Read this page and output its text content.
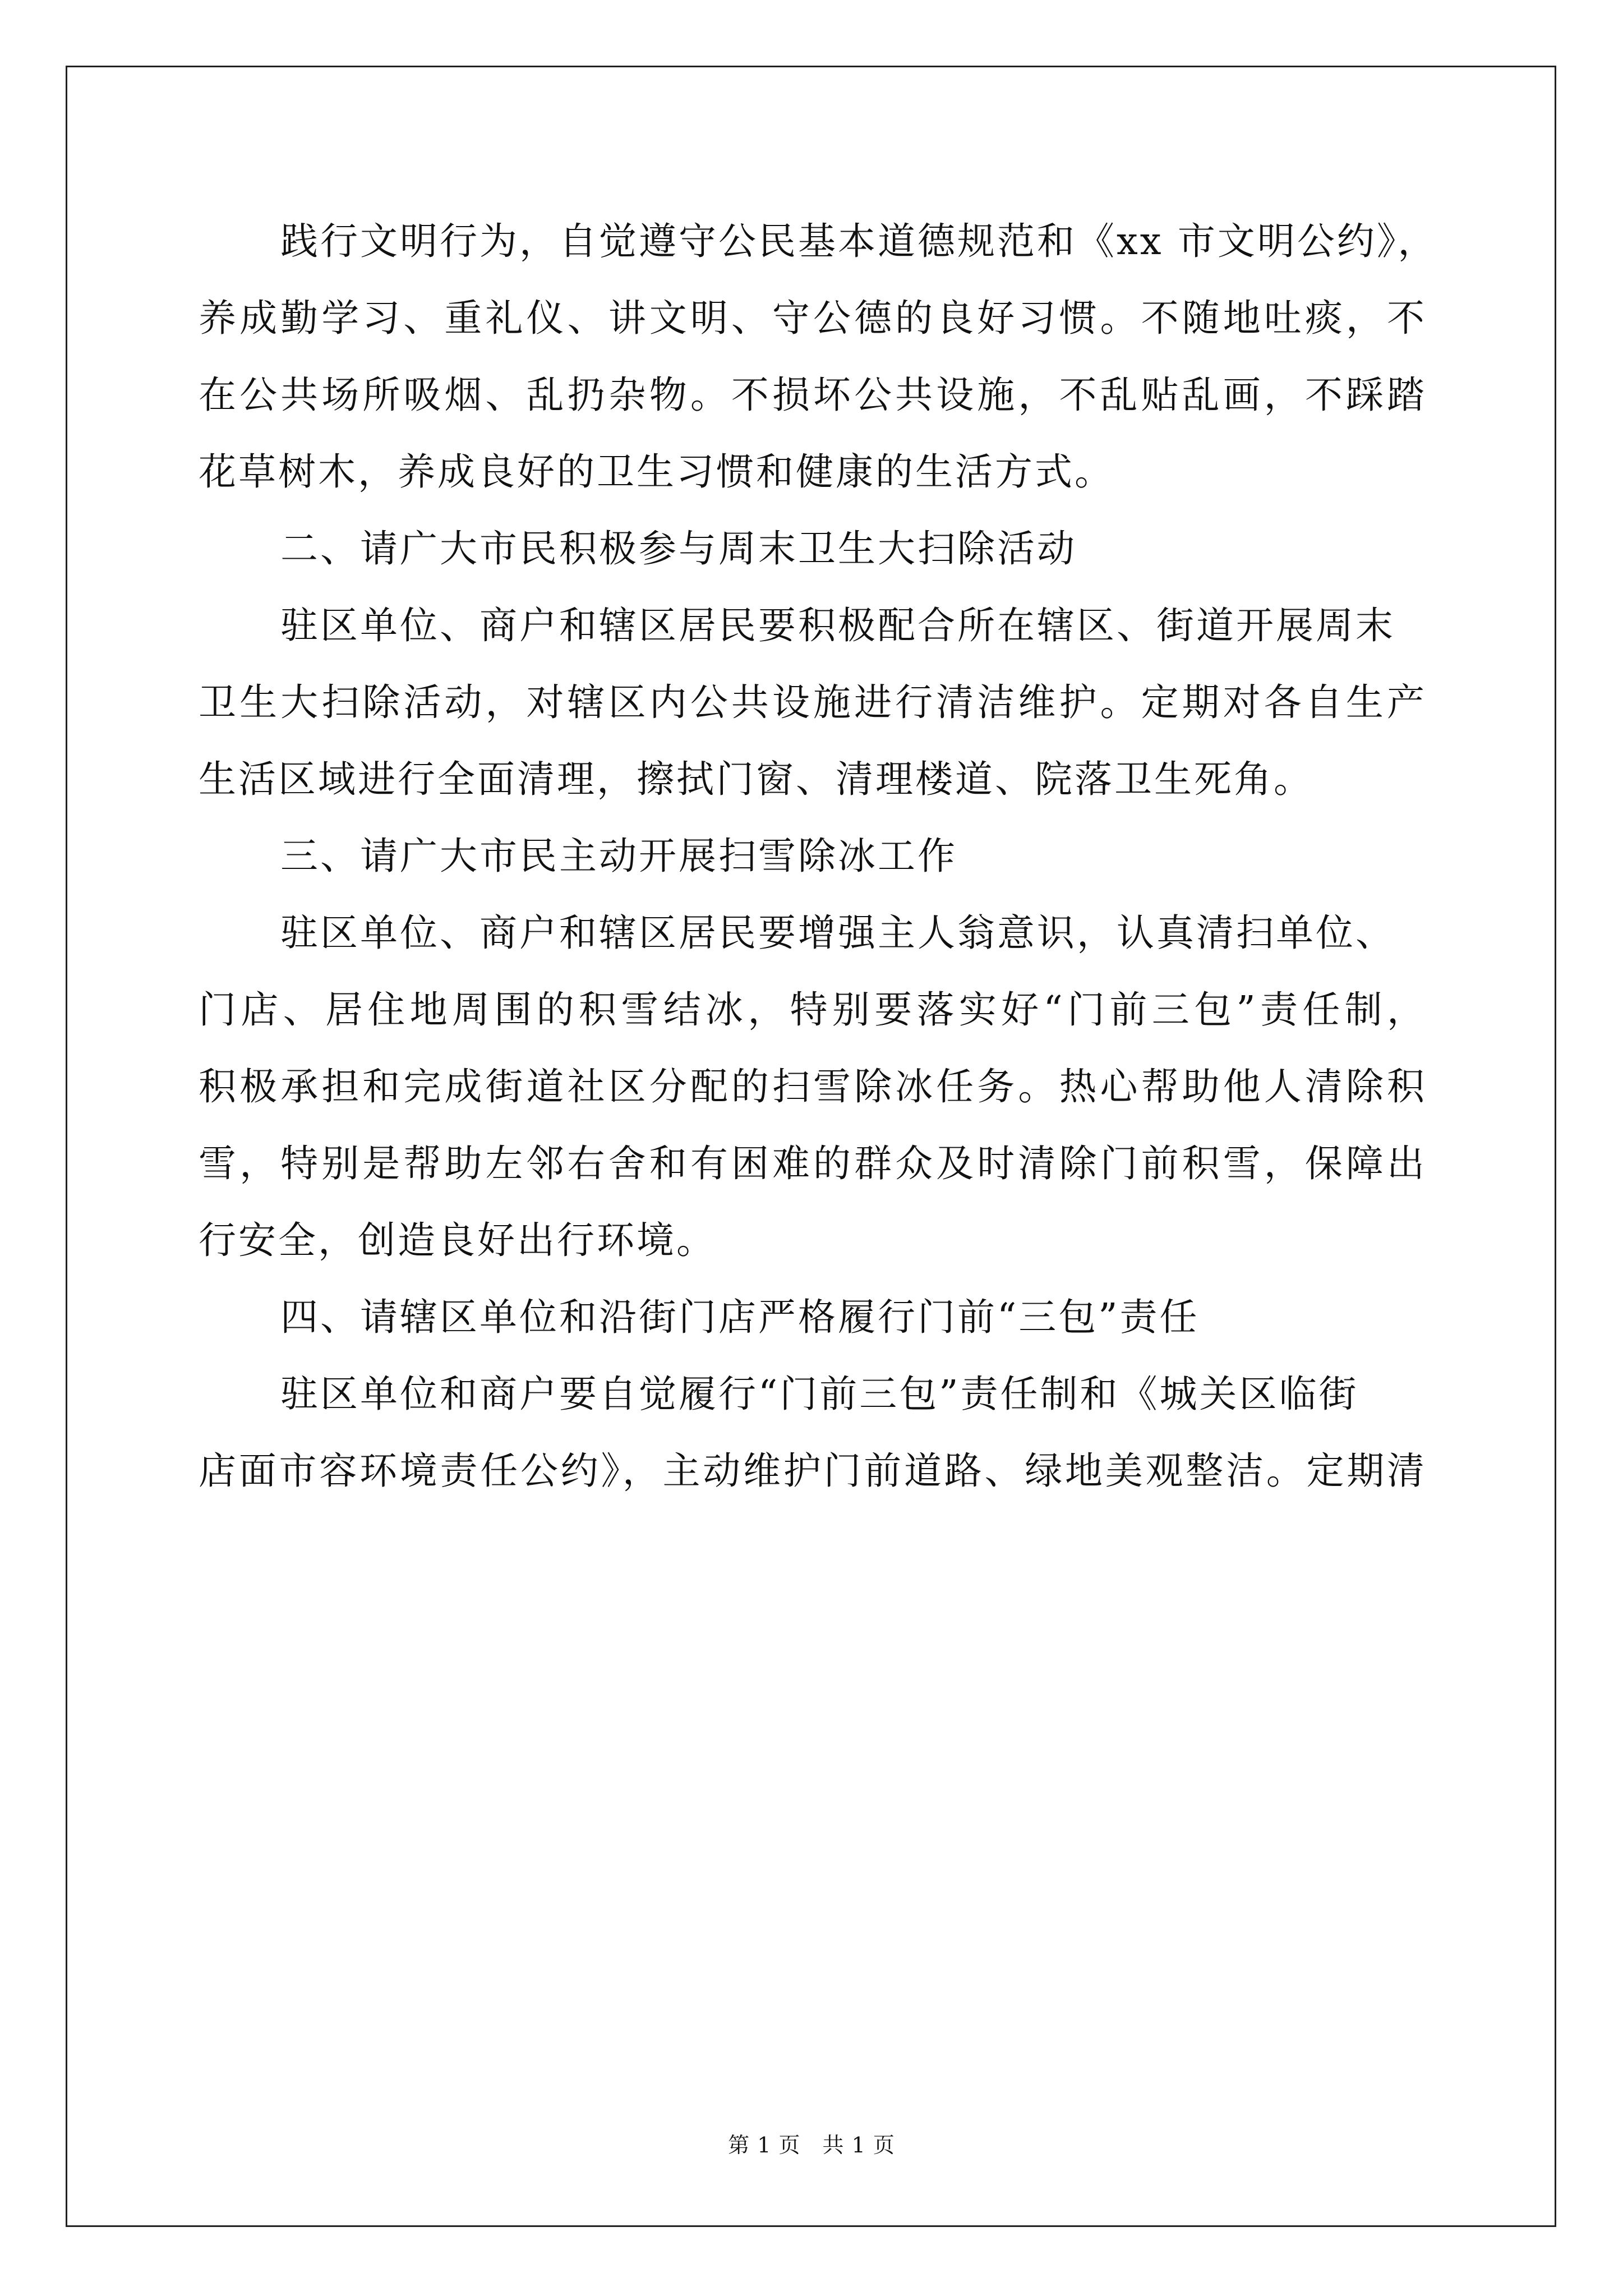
践行文明行为，自觉遵守公民基本道德规范和《xx 市文明公约》，
养成勤学习、重礼仪、讲文明、守公德的良好习惯。不随地吐痰，不
在公共场所吸烟、乱扔杂物。不损坏公共设施，不乱贴乱画，不踩踏
花草树木，养成良好的卫生习惯和健康的生活方式。
二、请广大市民积极参与周末卫生大扫除活动
驻区单位、商户和辖区居民要积极配合所在辖区、街道开展周末
卫生大扫除活动，对辖区内公共设施进行清洁维护。定期对各自生产
生活区域进行全面清理，擦拭门窗、清理楼道、院落卫生死角。
三、请广大市民主动开展扫雪除冰工作
驻区单位、商户和辖区居民要增强主人翁意识，认真清扫单位、
门店、居住地周围的积雪结冰，特别要落实好“门前三包”责任制，
积极承担和完成街道社区分配的扫雪除冰任务。热心帮助他人清除积
雪，特别是帮助左邻右舍和有困难的群众及时清除门前积雪，保障出
行安全，创造良好出行环境。
四、请辖区单位和沿街门店严格履行门前“三包”责任
驻区单位和商户要自觉履行“门前三包”责任制和《城关区临街
店面市容环境责任公约》，主动维护门前道路、绿地美观整洁。定期清
第 1 页　共 1 页
